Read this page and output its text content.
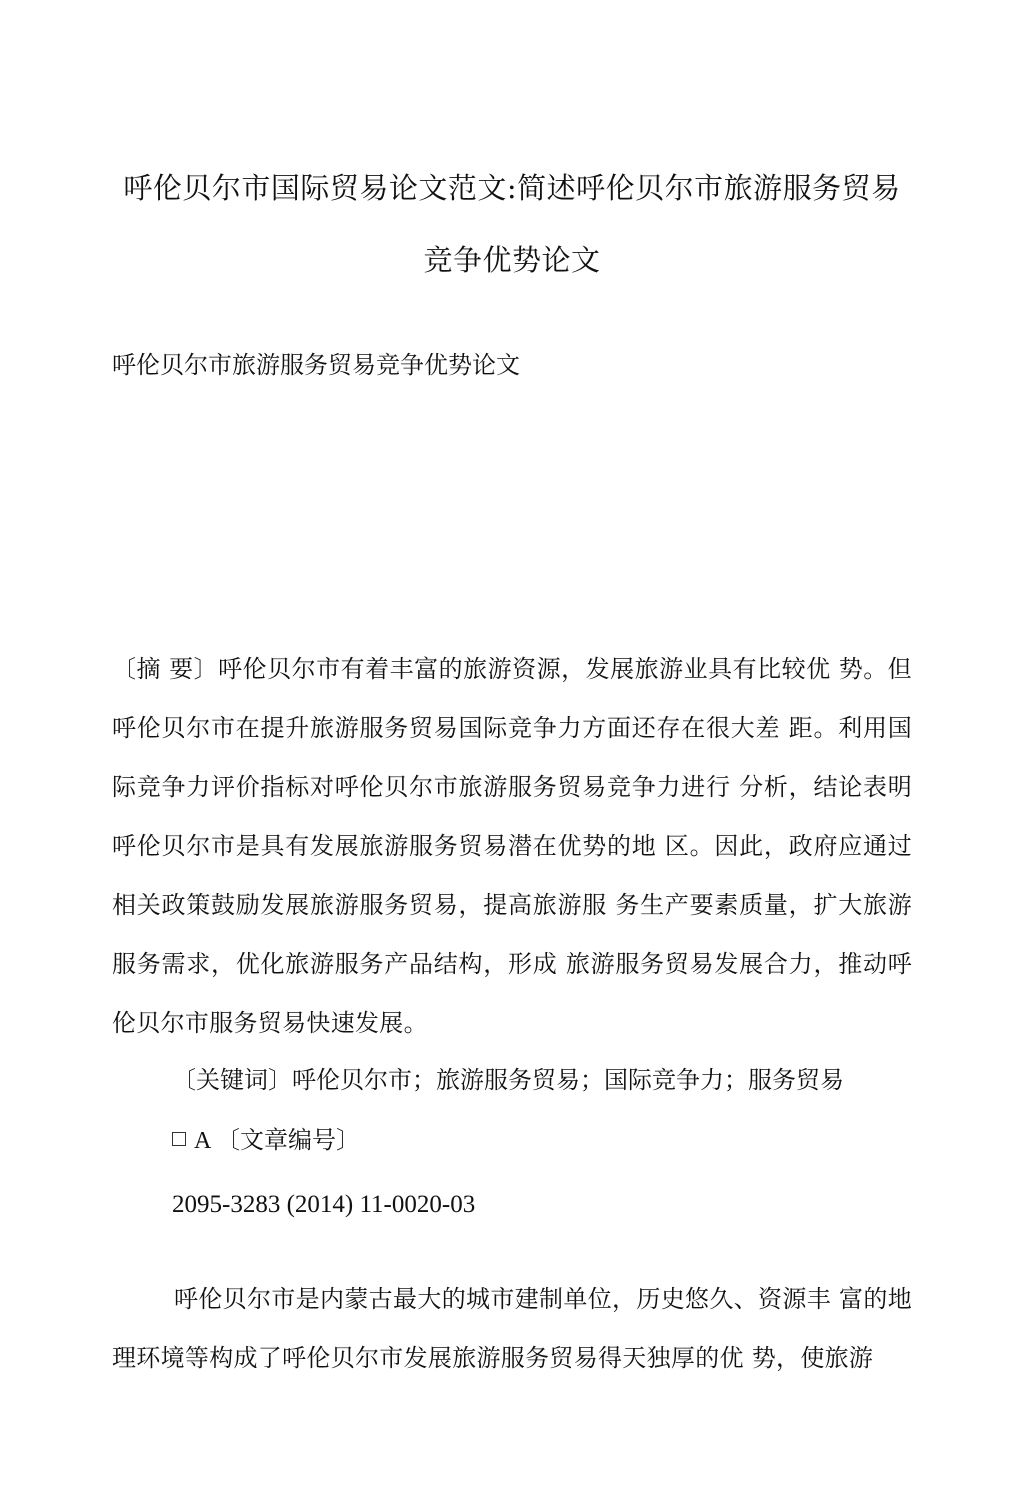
呼伦贝尔市国际贸易论文范文:简述呼伦贝尔市旅游服务贸易竞争优势论文
呼伦贝尔市旅游服务贸易竞争优势论文
〔摘 要〕呼伦贝尔市有着丰富的旅游资源，发展旅游业具有比较优 势。但呼伦贝尔市在提升旅游服务贸易国际竞争力方面还存在很大差 距。利用国际竞争力评价指标对呼伦贝尔市旅游服务贸易竞争力进行 分析，结论表明呼伦贝尔市是具有发展旅游服务贸易潜在优势的地 区。因此，政府应通过相关政策鼓励发展旅游服务贸易，提高旅游服 务生产要素质量，扩大旅游服务需求，优化旅游服务产品结构，形成 旅游服务贸易发展合力，推动呼伦贝尔市服务贸易快速发展。
〔关键词〕呼伦贝尔市；旅游服务贸易；国际竞争力；服务贸易
A 〔文章编号〕
2095-3283 (2014) 11-0020-03
呼伦贝尔市是内蒙古最大的城市建制单位，历史悠久、资源丰 富的地理环境等构成了呼伦贝尔市发展旅游服务贸易得天独厚的优 势，使旅游
